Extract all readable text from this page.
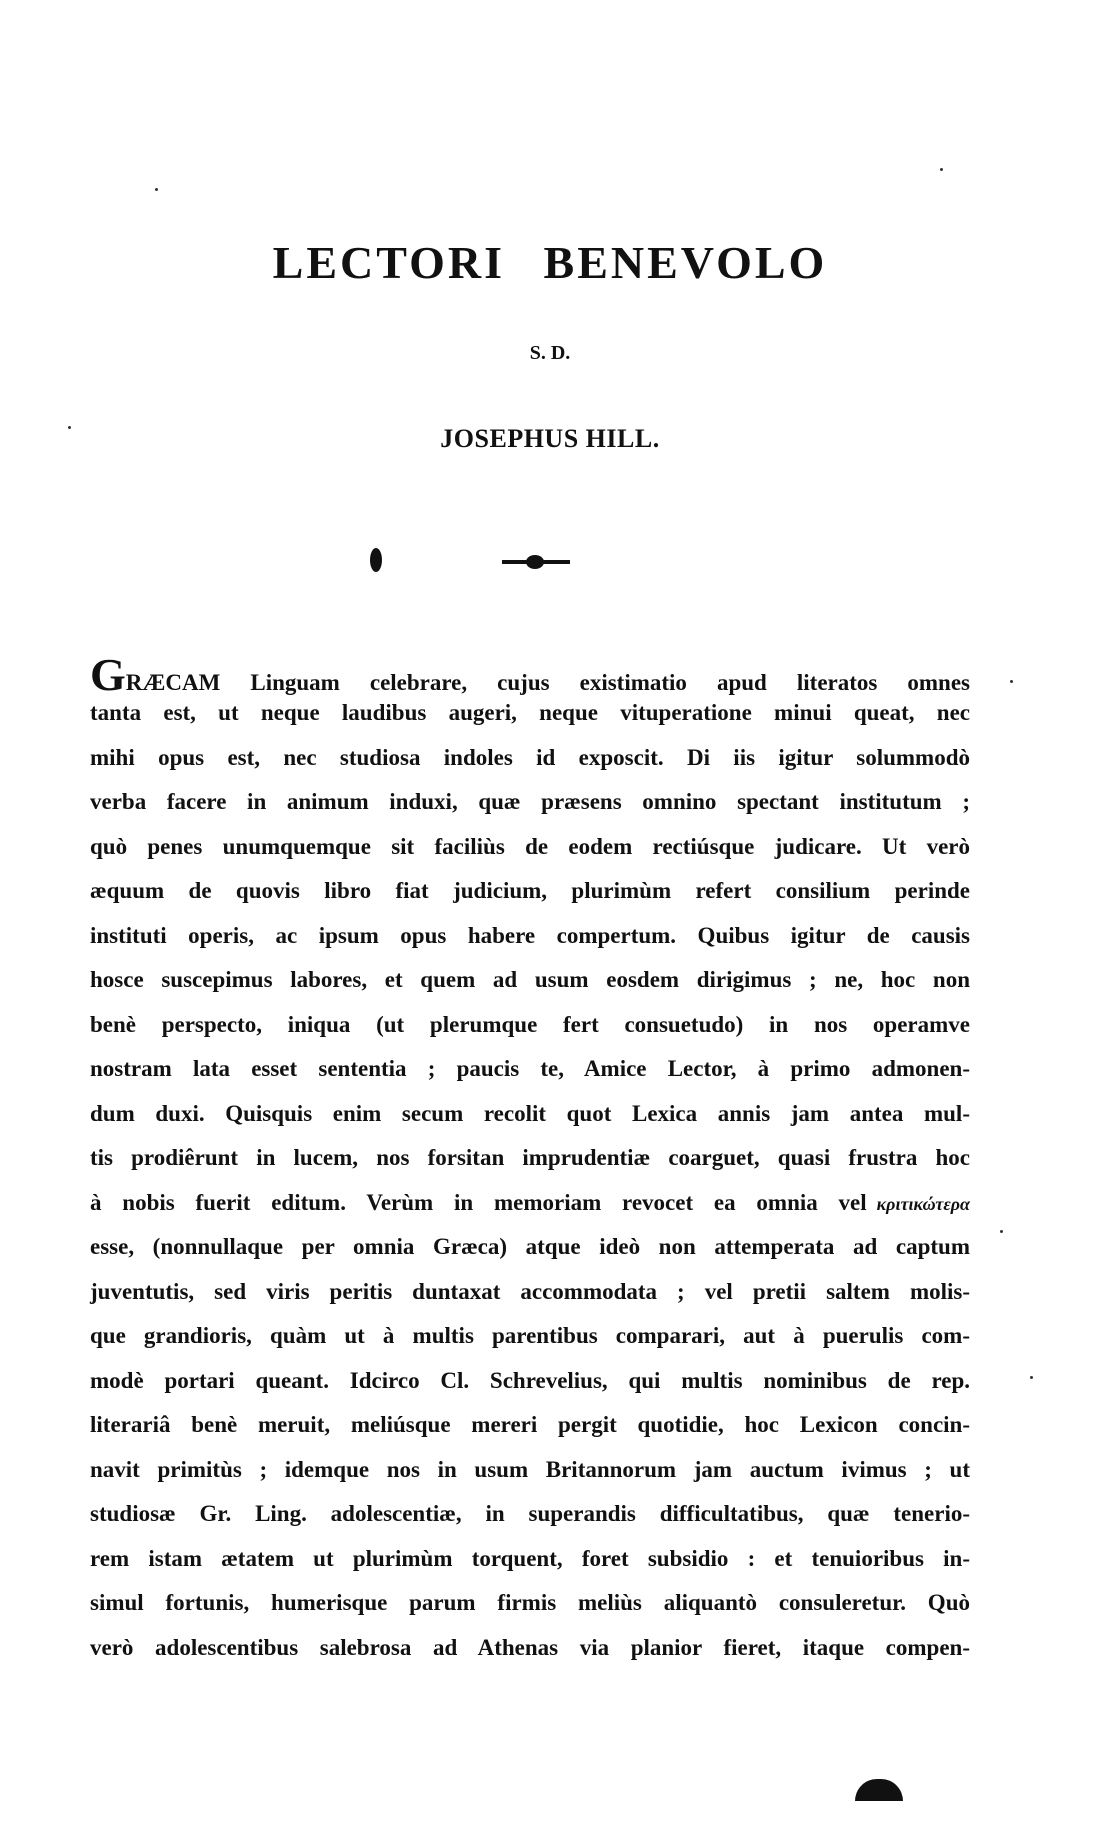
LECTORI BENEVOLO
S. D.
JOSEPHUS HILL.
G RÆCAM Linguam celebrare, cujus existimatio apud literatos omnes
tanta est, ut neque laudibus augeri, neque vituperatione minui queat, nec
mihi opus est, nec studiosa indoles id exposcit. Di iis igitur solummodò
verba facere in animum induxi, quæ præsens omnino spectant institutum ;
quò penes unumquemque sit faciliùs de eodem rectiúsque judicare. Ut verò
æquum de quovis libro fiat judicium, plurimùm refert consilium perinde
instituti operis, ac ipsum opus habere compertum. Quibus igitur de causis
hosce suscepimus labores, et quem ad usum eosdem dirigimus ; ne, hoc non
benè perspecto, iniqua (ut plerumque fert consuetudo) in nos operamve
nostram lata esset sententia ; paucis te, Amice Lector, à primo admonen-
dum duxi. Quisquis enim secum recolit quot Lexica annis jam antea mul-
tis prodiêrunt in lucem, nos forsitan imprudentiæ coarguet, quasi frustra hoc
à nobis fuerit editum. Verùm in memoriam revocet ea omnia vel κριτικώτερα
esse, (nonnullaque per omnia Græca) atque ideò non attemperata ad captum
juventutis, sed viris peritis duntaxat accommodata ; vel pretii saltem molis-
que grandioris, quàm ut à multis parentibus comparari, aut à puerulis com-
modè portari queant. Idcirco Cl. Schrevelius, qui multis nominibus de rep.
literariâ benè meruit, meliúsque mereri pergit quotidie, hoc Lexicon concin-
navit primitùs ; idemque nos in usum Britannorum jam auctum ivimus ; ut
studiosæ Gr. Ling. adolescentiæ, in superandis difficultatibus, quæ tenerio-
rem istam ætatem ut plurimùm torquent, foret subsidio : et tenuioribus in-
simul fortunis, humerisque parum firmis meliùs aliquantò consuleretur. Quò
verò adolescentibus salebrosa ad Athenas via planior fieret, itaque compen-
